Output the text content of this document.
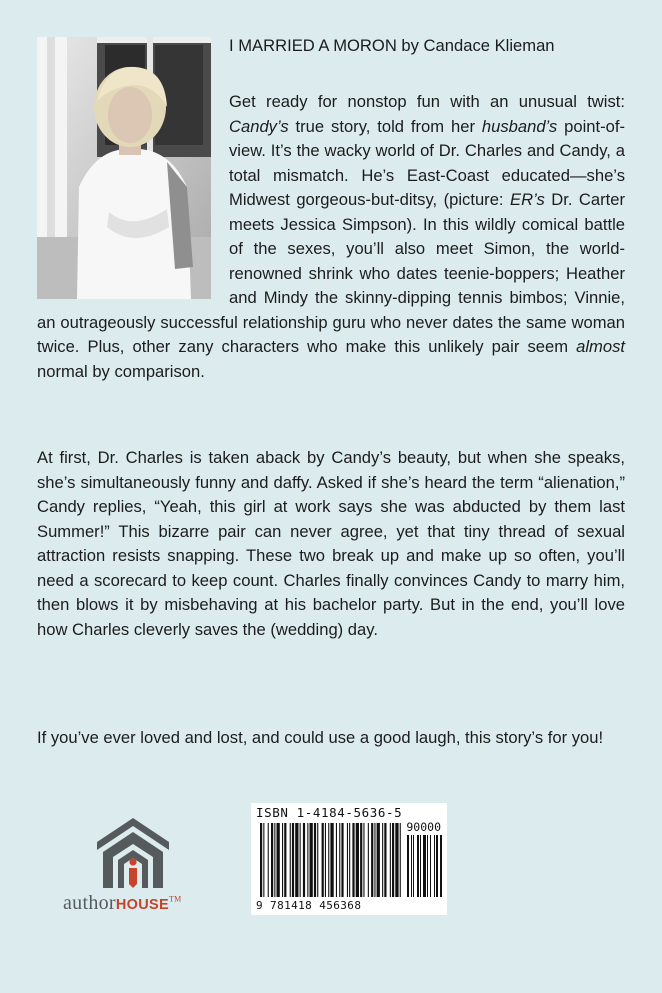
I MARRIED A MORON by Candace Klieman
Get ready for nonstop fun with an unusual twist: Candy’s true story, told from her husband’s point-of-view. It’s the wacky world of Dr. Charles and Candy, a total mismatch. He’s East-Coast educated—she’s Midwest gorgeous-but-ditsy, (picture: ER’s Dr. Carter meets Jessica Simpson). In this wildly comical battle of the sexes, you’ll also meet Simon, the world-renowned shrink who dates teenie-boppers; Heather and Mindy the skinny-dipping tennis bimbos; Vinnie, an outrageously successful relationship guru who never dates the same woman twice. Plus, other zany characters who make this unlikely pair seem almost normal by comparison.
At first, Dr. Charles is taken aback by Candy’s beauty, but when she speaks, she’s simultaneously funny and daffy. Asked if she’s heard the term “alienation,” Candy replies, “Yeah, this girl at work says she was abducted by them last Summer!” This bizarre pair can never agree, yet that tiny thread of sexual attraction resists snapping. These two break up and make up so often, you’ll need a scorecard to keep count. Charles finally convinces Candy to marry him, then blows it by misbehaving at his bachelor party. But in the end, you’ll love how Charles cleverly saves the (wedding) day.
If you’ve ever loved and lost, and could use a good laugh, this story’s for you!
authorHOUSE™
ISBN 1-4184-5636-5
90000
9 781418 456368
